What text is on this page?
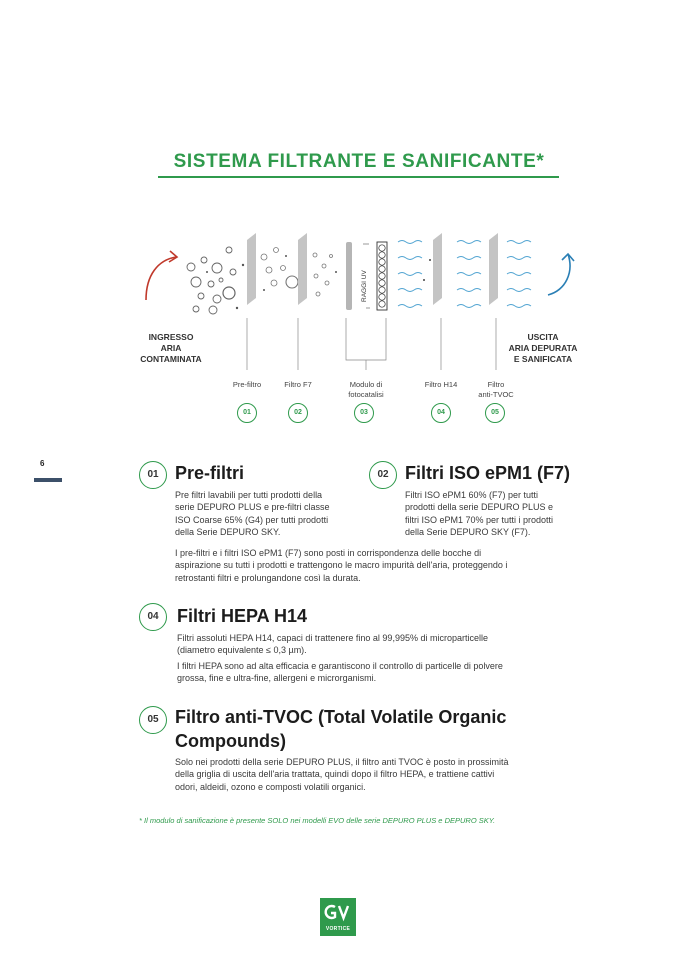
SISTEMA FILTRANTE E SANIFICANTE*
RAGGI UV
INGRESSO
ARIA
CONTAMINATA
USCITA
ARIA DEPURATA
E SANIFICATA
Pre-filtro	Filtro F7	Modulo di
fotocatalisi
Filtro H14	Filtro
anti-TVOC
01	02	03	04	05
6
01 Pre-filtri
Pre filtri lavabili per tutti prodotti della
serie DEPURO PLUS e pre-filtri classe
ISO Coarse 65% (G4) per tutti prodotti
della Serie DEPURO SKY.
02 Filtri ISO ePM1 (F7)
Filtri ISO ePM1 60% (F7) per tutti
prodotti della serie DEPURO PLUS e
filtri ISO ePM1 70% per tutti i prodotti
della Serie DEPURO SKY (F7).
I pre-filtri e i filtri ISO ePM1 (F7) sono posti in corrispondenza delle bocche di
aspirazione su tutti i prodotti e trattengono le macro impurità dell'aria, proteggendo i
retrostanti filtri e prolungandone così la durata.
04	Filtri HEPA H14
Filtri assoluti HEPA H14, capaci di trattenere fino al 99,995% di microparticelle
(diametro equivalente ≤ 0,3 µm).
I filtri HEPA sono ad alta efficacia e garantiscono il controllo di particelle di polvere
grossa, fine e ultra-fine, allergeni e microrganismi.
05 Filtro anti-TVOC (Total Volatile Organic
Compounds)
Solo nei prodotti della serie DEPURO PLUS, il filtro anti TVOC è posto in prossimità
della griglia di uscita dell'aria trattata, quindi dopo il filtro HEPA, e trattiene cattivi
odori, aldeidi, ozono e composti volatili organici.
* Il modulo di sanificazione è presente SOLO nei modelli EVO delle serie DEPURO PLUS e DEPURO SKY.
VORTICE
